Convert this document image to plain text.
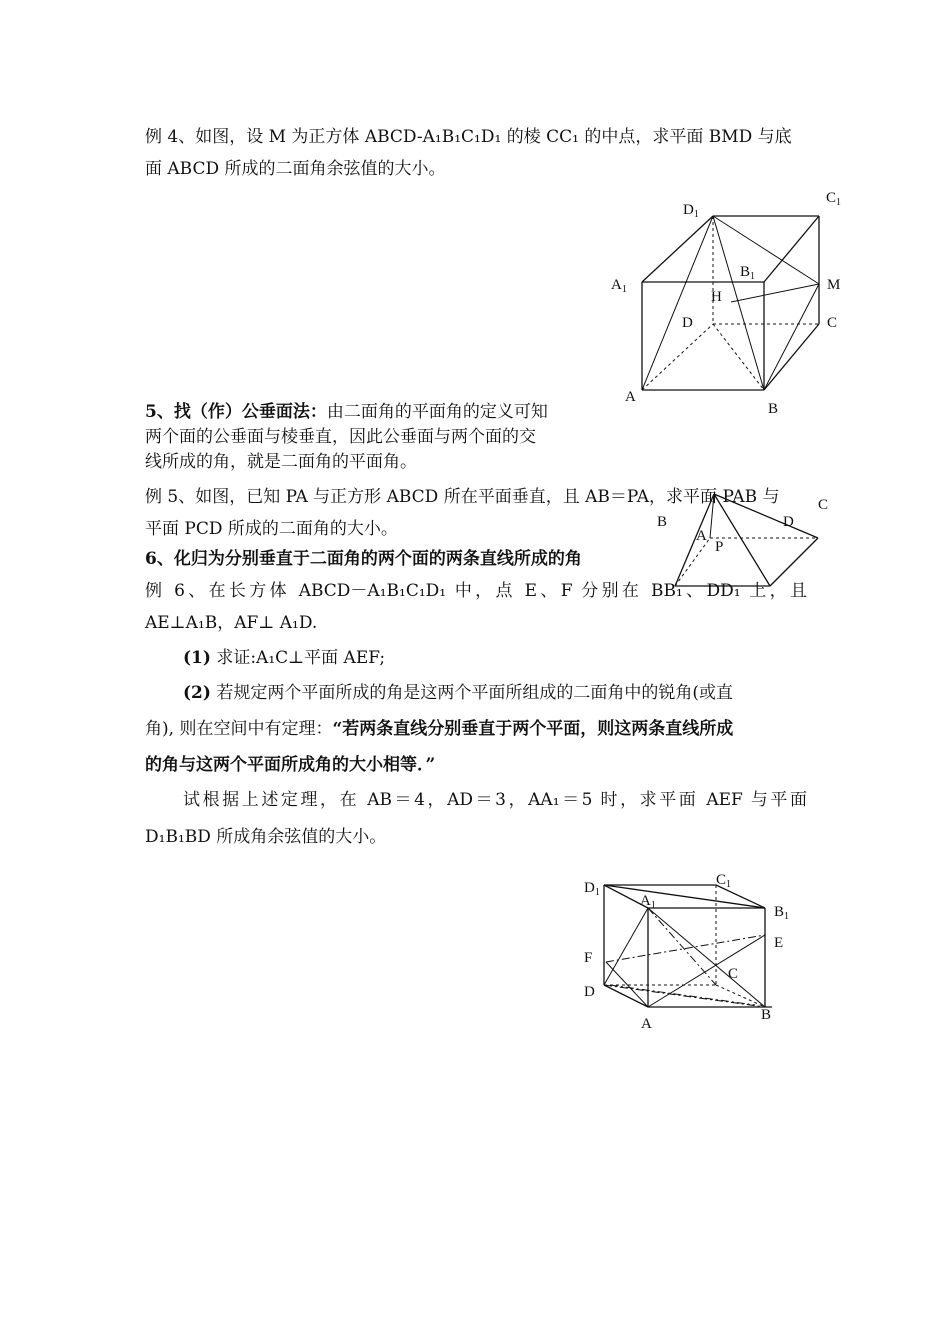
例 4、如图，设 M 为正方体 ABCD-A₁B₁C₁D₁ 的棱 CC₁ 的中点，求平面 BMD 与底
面 ABCD 所成的二面角余弦值的大小。
5、找（作）公垂面法：由二面角的平面角的定义可知
两个面的公垂面与棱垂直，因此公垂面与两个面的交
线所成的角，就是二面角的平面角。
例 5、如图，已知 PA 与正方形 ABCD 所在平面垂直，且 AB＝PA，求平面 PAB 与
平面 PCD 所成的二面角的大小。
6、化归为分别垂直于二面角的两个面的两条直线所成的角
例 6、在长方体 ABCD－A₁B₁C₁D₁ 中，点 E、F 分别在 BB₁、DD₁ 上，且
AE⊥A₁B，AF⊥ A₁D.
(1) 求证:A₁C⊥平面 AEF;
(2) 若规定两个平面所成的角是这两个平面所组成的二面角中的锐角(或直
角), 则在空间中有定理：“若两条直线分别垂直于两个平面，则这两条直线所成
的角与这两个平面所成角的大小相等．”
试根据上述定理，在 AB＝4，AD＝3，AA₁＝5 时，求平面 AEF 与平面
D₁B₁BD 所成角余弦值的大小。
$D_1$
$C_1$
$B_1$
$A_1$	M
H
D	C
A
B
B	D
C
A
P
$D_1$
$C_1$
$A_1$	$B_1$
E
F
C
D
A
B
